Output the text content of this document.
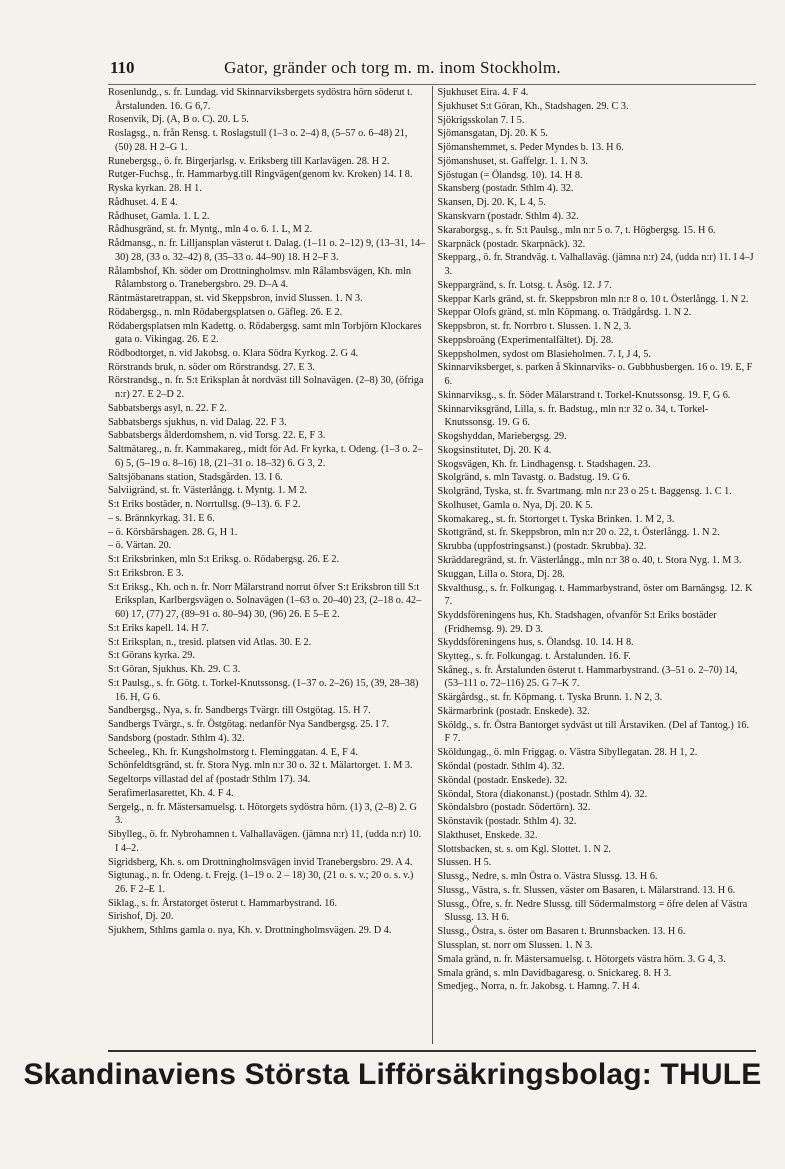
110	Gator, gränder och torg m. m. inom Stockholm.

Rosenlundg., s. fr. Lundag. vid Skinnarviksbergets sydöstra hörn söderut t. Årstalunden. 16. G 6,7.

Rosenvik, Dj. (A, B o. C). 20. L 5.

Roslagsg., n. från Rensg. t. Roslagstull (1–3 o. 2–4) 8, (5–57 o. 6–48) 21, (50) 28. H 2–G 1.

Runebergsg., ö. fr. Birgerjarlsg. v. Eriksberg till Karlavägen. 28. H 2.

Rutger-Fuchsg., fr. Hammarbyg.till Ringvägen(genom kv. Kroken) 14. I 8.

Ryska kyrkan. 28. H 1.

Rådhuset. 4. E 4.

Rådhuset, Gamla. 1. L 2.

Rådhusgränd, st. fr. Myntg., mln 4 o. 6. 1. L, M 2.

Rådmansg., n. fr. Lilljansplan västerut t. Dalag. (1–11 o. 2–12) 9, (13–31, 14–30) 28, (33 o. 32–42) 8, (35–33 o. 44–90) 18. H 2–F 3.

Rålambshof, Kh. söder om Drottningholmsv. mln Rålambsvägen, Kh. mln Rålambstorg o. Tranebergsbro. 29. D–A 4.

Räntmästaretrappan, st. vid Skeppsbron, invid Slussen. 1. N 3.

Rödabergsg., n. mln Rödabergsplatsen o. Gäfleg. 26. E 2.

Rödabergsplatsen mln Kadettg. o. Rödabergsg. samt mln Torbjörn Klockares gata o. Vikingag. 26. E 2.

Rödbodtorget, n. vid Jakobsg. o. Klara Södra Kyrkog. 2. G 4.

Rörstrands bruk, n. söder om Rörstrandsg. 27. E 3.

Rörstrandsg., n. fr. S:t Eriksplan åt nordväst till Solnavägen. (2–8) 30, (öfriga n:r) 27. E 2–D 2.

Sabbatsbergs asyl, n. 22. F 2.

Sabbatsbergs sjukhus, n. vid Dalag. 22. F 3.

Sabbatsbergs ålderdomshem, n. vid Torsg. 22. E, F 3.

Saltmätareg., n. fr. Kammakareg., midt för Ad. Fr kyrka, t. Odeng. (1–3 o. 2–6) 5, (5–19 o. 8–16) 18, (21–31 o. 18–32) 6. G 3, 2.

Saltsjöbanans station, Stadsgården. 13. I 6.

Salviigränd, st. fr. Västerlångg. t. Myntg. 1. M 2.

S:t Eriks bostäder, n. Norrtullsg. (9–13). 6. F 2.

– s. Brännkyrkag. 31. E 6.

– ö. Körsbärshagen. 28. G, H 1.

– ö. Värtan. 20.

S:t Eriksbrinken, mln S:t Eriksg. o. Rödabergsg. 26. E 2.

S:t Eriksbron. E 3.

S:t Eriksg., Kh. och n. fr. Norr Mälarstrand norrut öfver S:t Eriksbron till S:t Eriksplan, Karlbergsvägen o. Solnavägen (1–63 o. 20–40) 23, (2–18 o. 42–60) 17, (77) 27, (89–91 o. 80–94) 30, (96) 26. E 5–E 2.

S:t Eriks kapell. 14. H 7.

S:t Eriksplan, n., tresid. platsen vid Atlas. 30. E 2.

S:t Görans kyrka. 29.

S:t Göran, Sjukhus. Kh. 29. C 3.

S:t Paulsg., s. fr. Götg. t. Torkel-Knutssonsg. (1–37 o. 2–26) 15, (39, 28–38) 16. H, G 6.

Sandbergsg., Nya, s. fr. Sandbergs Tvärgr. till Ostgötag. 15. H 7.

Sandbergs Tvärgr., s. fr. Östgötag. nedanför Nya Sandbergsg. 25. I 7.

Sandsborg (postadr. Sthlm 4). 32.

Scheeleg., Kh. fr. Kungsholmstorg t. Fleminggatan. 4. E, F 4.

Schönfeldtsgränd, st. fr. Stora Nyg. mln n:r 30 o. 32 t. Mälartorget. 1. M 3.

Segeltorps villastad del af (postadr Sthlm 17). 34.

Serafimerlasarettet, Kh. 4. F 4.

Sergelg., n. fr. Mästersamuelsg. t. Hötorgets sydöstra hörn. (1) 3, (2–8) 2. G 3.

Sibylleg., ö. fr. Nybrohamnen t. Valhallavägen. (jämna n:r) 11, (udda n:r) 10. I 4–2.

Sigridsberg, Kh. s. om Drottningholmsvägen invid Tranebergsbro. 29. A 4.

Sigtunag., n. fr. Odeng. t. Frejg. (1–19 o. 2 – 18) 30, (21 o. s. v.; 20 o. s. v.) 26. F 2–E 1.

Siklag., s. fr. Årstatorget österut t. Hammarbystrand. 16.

Sirishof, Dj. 20.

Sjukhem, Sthlms gamla o. nya, Kh. v. Drottningholmsvägen. 29. D 4.

Sjukhuset Eira. 4. F 4.

Sjukhuset S:t Göran, Kh., Stadshagen. 29. C 3.

Sjökrigsskolan 7. I 5.

Sjömansgatan, Dj. 20. K 5.

Sjömanshemmet, s. Peder Myndes b. 13. H 6.

Sjömanshuset, st. Gaffelgr. 1. 1. N 3.

Sjöstugan (= Ölandsg. 10). 14. H 8.

Skansberg (postadr. Sthlm 4). 32.

Skansen, Dj. 20. K, L 4, 5.

Skanskvarn (postadr. Sthlm 4). 32.

Skaraborgsg., s. fr. S:t Paulsg., mln n:r 5 o. 7, t. Högbergsg. 15. H 6.

Skarpnäck (postadr. Skarpnäck). 32.

Skepparg., ö. fr. Strandväg. t. Valhallaväg. (jämna n:r) 24, (udda n:r) 11. I 4–J 3.

Skeppargränd, s. fr. Lotsg. t. Åsög. 12. J 7.

Skeppar Karls gränd, st. fr. Skeppsbron mln n:r 8 o. 10 t. Österlångg. 1. N 2.

Skeppar Olofs gränd, st. mln Köpmang. o. Trädgårdsg. 1. N 2.

Skeppsbron, st. fr. Norrbro t. Slussen. 1. N 2, 3.

Skeppsbroäng (Experimentalfältet). Dj. 28.

Skeppsholmen, sydost om Blasieholmen. 7. I, J 4, 5.

Skinnarviksberget, s. parken å Skinnarviks- o. Gubbhusbergen. 16 o. 19. E, F 6.

Skinnarviksg., s. fr. Söder Mälarstrand t. Torkel-Knutssonsg. 19. F, G 6.

Skinnarviksgränd, Lilla, s. fr. Badstug., mln n:r 32 o. 34, t. Torkel-Knutssonsg. 19. G 6.

Skogshyddan, Mariebergsg. 29.

Skogsinstitutet, Dj. 20. K 4.

Skogsvägen, Kh. fr. Lindhagensg. t. Stadshagen. 23.

Skolgränd, s. mln Tavastg. o. Badstug. 19. G 6.

Skolgränd, Tyska, st. fr. Svartmang. mln n:r 23 o 25 t. Baggensg. 1. C 1.

Skolhuset, Gamla o. Nya, Dj. 20. K 5.

Skomakareg., st. fr. Stortorget t. Tyska Brinken. 1. M 2, 3.

Skottgränd, st. fr. Skeppsbron, mln n:r 20 o. 22, t. Österlångg. 1. N 2.

Skrubba (uppfostringsanst.) (postadr. Skrubba). 32.

Skräddaregränd, st. fr. Västerlångg., mln n:r 38 o. 40, t. Stora Nyg. 1. M 3.

Skuggan, Lilla o. Stora, Dj. 28.

Skvalthusg., s. fr. Folkungag. t. Hammarbystrand, öster om Barnängsg. 12. K 7.

Skyddsföreningens hus, Kh. Stadshagen, ofvanför S:t Eriks bostäder (Fridhemsg. 9). 29. D 3.

Skyddsföreningens hus, s. Ölandsg. 10. 14. H 8.

Skytteg., s. fr. Folkungag. t. Årstalunden. 16. F.

Skåneg., s. fr. Årstalunden österut t. Hammarbystrand. (3–51 o. 2–70) 14, (53–111 o. 72–116) 25. G 7–K 7.

Skärgårdsg., st. fr. Köpmang. t. Tyska Brunn. 1. N 2, 3.

Skärmarbrink (postadr. Enskede). 32.

Sköldg., s. fr. Östra Bantorget sydväst ut till Årstaviken. (Del af Tantog.) 16. F 7.

Sköldungag., ö. mln Friggag. o. Västra Sibyllegatan. 28. H 1, 2.

Sköndal (postadr. Sthlm 4). 32.

Sköndal (postadr. Enskede). 32.

Sköndal, Stora (diakonanst.) (postadr. Sthlm 4). 32.

Sköndalsbro (postadr. Södertörn). 32.

Skönstavik (postadr. Sthlm 4). 32.

Slakthuset, Enskede. 32.

Slottsbacken, st. s. om Kgl. Slottet. 1. N 2.

Slussen. H 5.

Slussg., Nedre, s. mln Östra o. Västra Slussg. 13. H 6.

Slussg., Västra, s. fr. Slussen, väster om Basaren, t. Mälarstrand. 13. H 6.

Slussg., Öfre, s. fr. Nedre Slussg. till Södermalmstorg = öfre delen af Västra Slussg. 13. H 6.

Slussg., Östra, s. öster om Basaren t. Brunnsbacken. 13. H 6.

Slussplan, st. norr om Slussen. 1. N 3.

Smala gränd, n. fr. Mästersamuelsg. t. Hötorgets västra hörn. 3. G 4, 3.

Smala gränd, s. mln Davidbagaresg. o. Snickareg. 8. H 3.

Smedjeg., Norra, n. fr. Jakobsg. t. Hamng. 7. H 4.

Skandinaviens Största Lifförsäkringsbolag: THULE
